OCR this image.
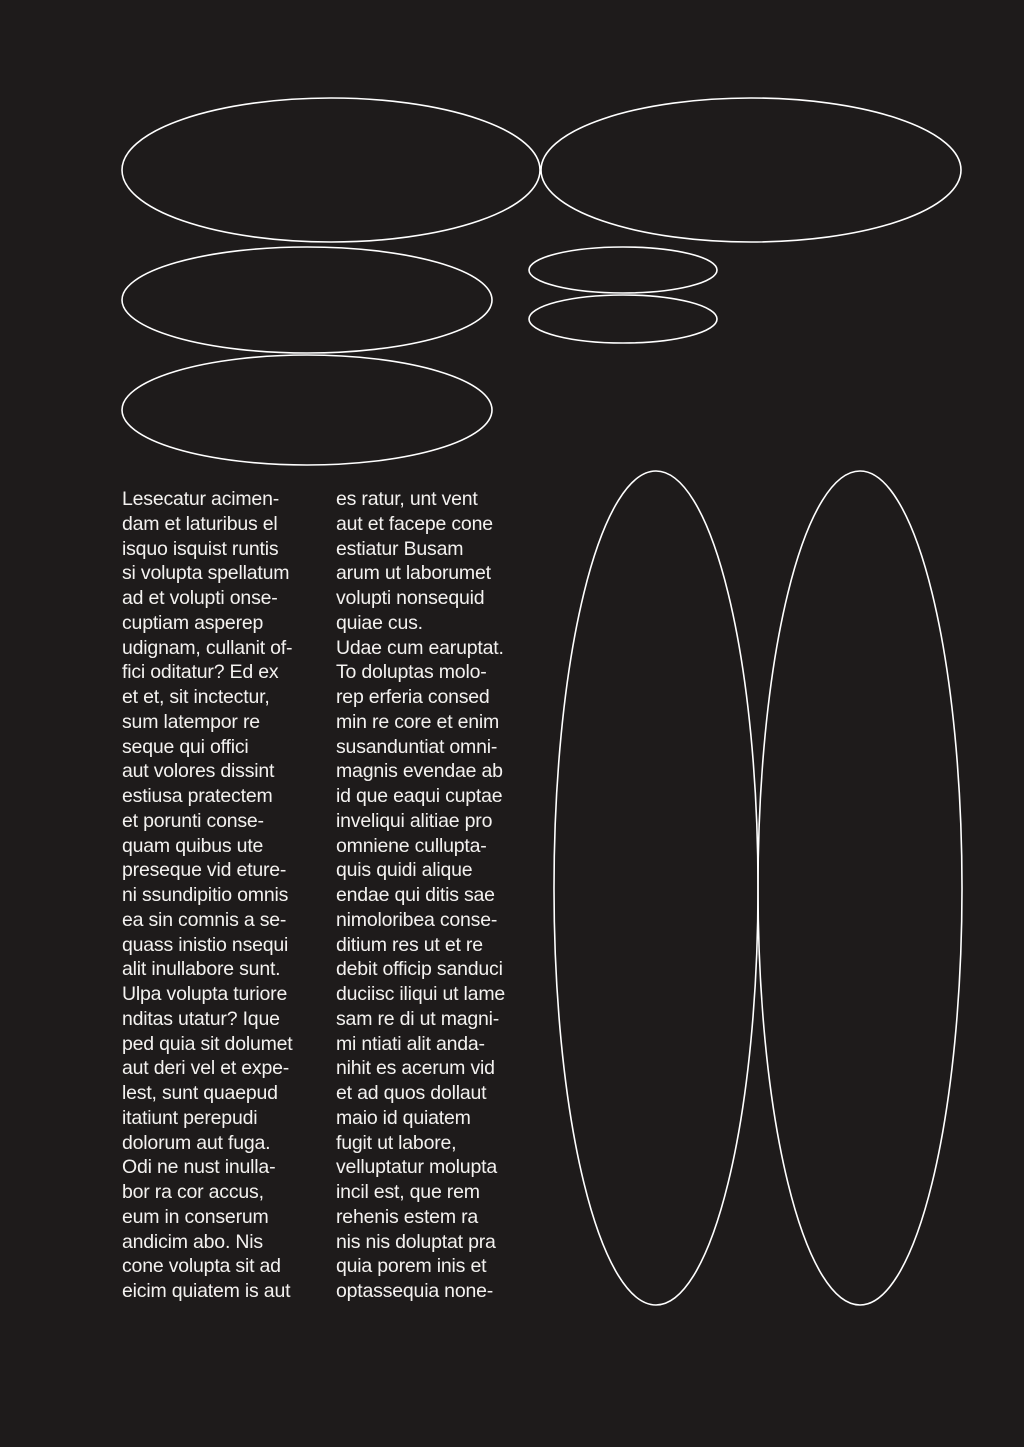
Lesecatur acimen-
dam et laturibus el
isquo isquist runtis
si volupta spellatum
ad et volupti onse-
cuptiam asperep
udignam, cullanit of-
fici oditatur? Ed ex
et et, sit inctectur,
sum latempor re
seque qui offici
aut volores dissint
estiusa pratectem
et porunti conse-
quam quibus ute
preseque vid eture-
ni ssundipitio omnis
ea sin comnis a se-
quass inistio nsequi
alit inullabore sunt.
Ulpa volupta turiore
nditas utatur? Ique
ped quia sit dolumet
aut deri vel et expe-
lest, sunt quaepud
itatiunt perepudi
dolorum aut fuga.
Odi ne nust inulla-
bor ra cor accus,
eum in conserum
andicim abo. Nis
cone volupta sit ad
eicim quiatem is aut
es ratur, unt vent
aut et facepe cone
estiatur Busam
arum ut laborumet
volupti nonsequid
quiae cus.
Udae cum earuptat.
To doluptas molo-
rep erferia consed
min re core et enim
susanduntiat omni-
magnis evendae ab
id que eaqui cuptae
inveliqui alitiae pro
omniene cullupta-
quis quidi alique
endae qui ditis sae
nimoloribea conse-
ditium res ut et re
debit officip sanduci
duciisc iliqui ut lame
sam re di ut magni-
mi ntiati alit anda-
nihit es acerum vid
et ad quos dollaut
maio id quiatem
fugit ut labore,
velluptatur molupta
incil est, que rem
rehenis estem ra
nis nis doluptat pra
quia porem inis et
optassequia none-
